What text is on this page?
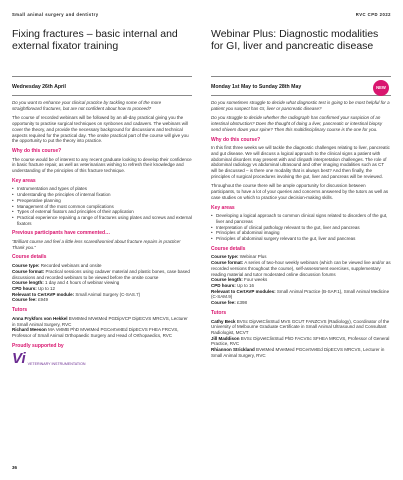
Small animal surgery and dentistry	RVC CPD 2022
Fixing fractures – basic internal and external fixator training
Wednesday 26th April

Do you want to enhance your clinical practice by tackling some of the more straightforward fractures, but are not confident about how to proceed?

The course of recorded webinars will be followed by an all-day practical giving you the opportunity to practise surgical techniques on synbones and cadavers. The webinars will cover the theory, and provide the necessary background for discussions and technical aspects required for the practical day. The onsite practical part of the course will give you the opportunity to put the theory into practice.

Why do this course?

The course would be of interest to any recent graduate looking to develop their confidence in basic fracture repair, as well as veterinarians wishing to refresh their knowledge and understanding of the principles of this fracture technique.

Key areas
• Instrumentation and types of plates
• Understanding the principles of internal fixation
• Preoperative planning
• Management of the most common complications
• Types of external fixators and principles of their application
• Practical experience repairing a range of fractures using plates and screws and external fixators
Previous participants have commented…

“Brilliant course and feel a little less scared/worried about fracture repairs in practice! Thank you.”

Course details
Course type: Recorded webinars and onsite
Course format: Practical sessions using cadaver material and plastic bones, case based discussions and recorded webinars to be viewed before the onsite course
Course length: 1 day and 4 hours of webinar viewing
CPD hours: Up to 12
Relevant to CertAVP module: Small Animal Surgery (C-SAS.7)
Course fee: £949
Tutors
Anna Frykfors von Hekkel BVetMed MVetMed PGDipVCP DipECVS MRCVS, Lecturer in Small Animal Surgery, RVC
Richard Meeson MA VetMB PhD MVetMed PGCertVetEd DipECVS FHEA FRCVS, Professor of Small Animal Orthopaedic Surgery and Head of Orthopaedics, RVC
Proudly supported by
Vi VETERINARY INSTRUMENTATION
Webinar Plus: Diagnostic modalities for GI, liver and pancreatic disease
Monday 1st May to Sunday 28th May	NEW

Do you sometimes struggle to decide what diagnostic test is going to be most helpful for a patient you suspect has GI, liver or pancreatic disease?

Do you struggle to decide whether the radiograph has confirmed your suspicion of an intestinal obstruction? Does the thought of doing a liver, pancreatic or intestinal biopsy send shivers down your spine? Then this multidisciplinary course is the one for you.

Why do this course?

In this first three weeks we will tackle the diagnostic challenges relating to liver, pancreatic and gut disease. We will discuss a logical approach to the clinical signs a patient with abdominal disorders may present with and clinpath interpretation challenges. The role of abdominal radiology vs abdominal ultrasound and other imaging modalities such as CT will be discussed – is there one modality that is always best? And then finally, the principles of surgical procedures involving the gut, liver and pancreas will be reviewed.

Throughout the course there will be ample opportunity for discussion between participants, to have a lot of your queries and concerns answered by the tutors as well as case studies on which to practice your decision-making skills.

Key areas
• Developing a logical approach to common clinical signs related to disorders of the gut, liver and pancreas
• Interpretation of clinical pathology relevant to the gut, liver and pancreas
• Principles of abdominal imaging
• Principles of abdominal surgery relevant to the gut, liver and pancreas
Course details
Course type: Webinar Plus
Course format: A series of two-hour weekly webinars (which can be viewed live and/or as recorded versions throughout the course), self-assessment exercises, supplementary reading material and tutor moderated online discussion forums
Course length: Four weeks
CPD hours: Up to 16
Relevant to CertAVP modules: Small Animal Practice (B-SAP.1), Small Animal Medicine (C-SAM.9)
Course fee: £398
Tutors
Cathy Beck BVSc DipVetClinStud MVS GCUT FANZCVS (Radiology), Coordinator of the University of Melbourne Graduate Certificate in Small Animal Ultrasound and Consultant Radiologist, MCVT
Jill Maddison BVSc DipVetClinStud PhD FACVSc SFHEA MRCVS, Professor of General Practice, RVC
Rhiannon Strickland BVetMed MVetMed PGCertVetEd DipECVS MRCVS, Lecturer in Small Animal Surgery, RVC
36
